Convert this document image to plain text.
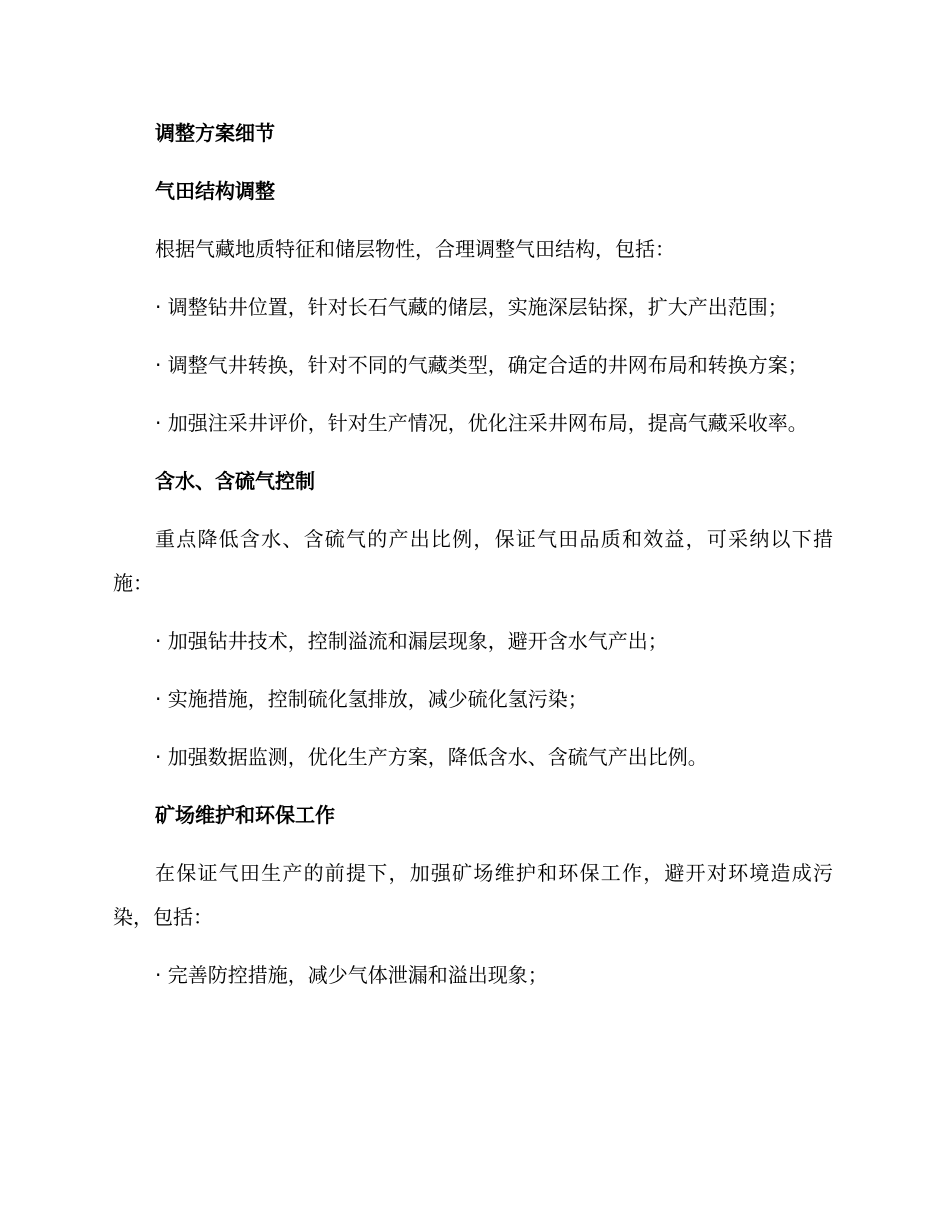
调整方案细节
气田结构调整
根据气藏地质特征和储层物性，合理调整气田结构，包括：
· 调整钻井位置，针对长石气藏的储层，实施深层钻探，扩大产出范围；
· 调整气井转换，针对不同的气藏类型，确定合适的井网布局和转换方案；
· 加强注采井评价，针对生产情况，优化注采井网布局，提高气藏采收率。
含水、含硫气控制
重点降低含水、含硫气的产出比例，保证气田品质和效益，可采纳以下措施：
· 加强钻井技术，控制溢流和漏层现象，避开含水气产出；
· 实施措施，控制硫化氢排放，减少硫化氢污染；
· 加强数据监测，优化生产方案，降低含水、含硫气产出比例。
矿场维护和环保工作
在保证气田生产的前提下，加强矿场维护和环保工作，避开对环境造成污染，包括：
· 完善防控措施，减少气体泄漏和溢出现象；
